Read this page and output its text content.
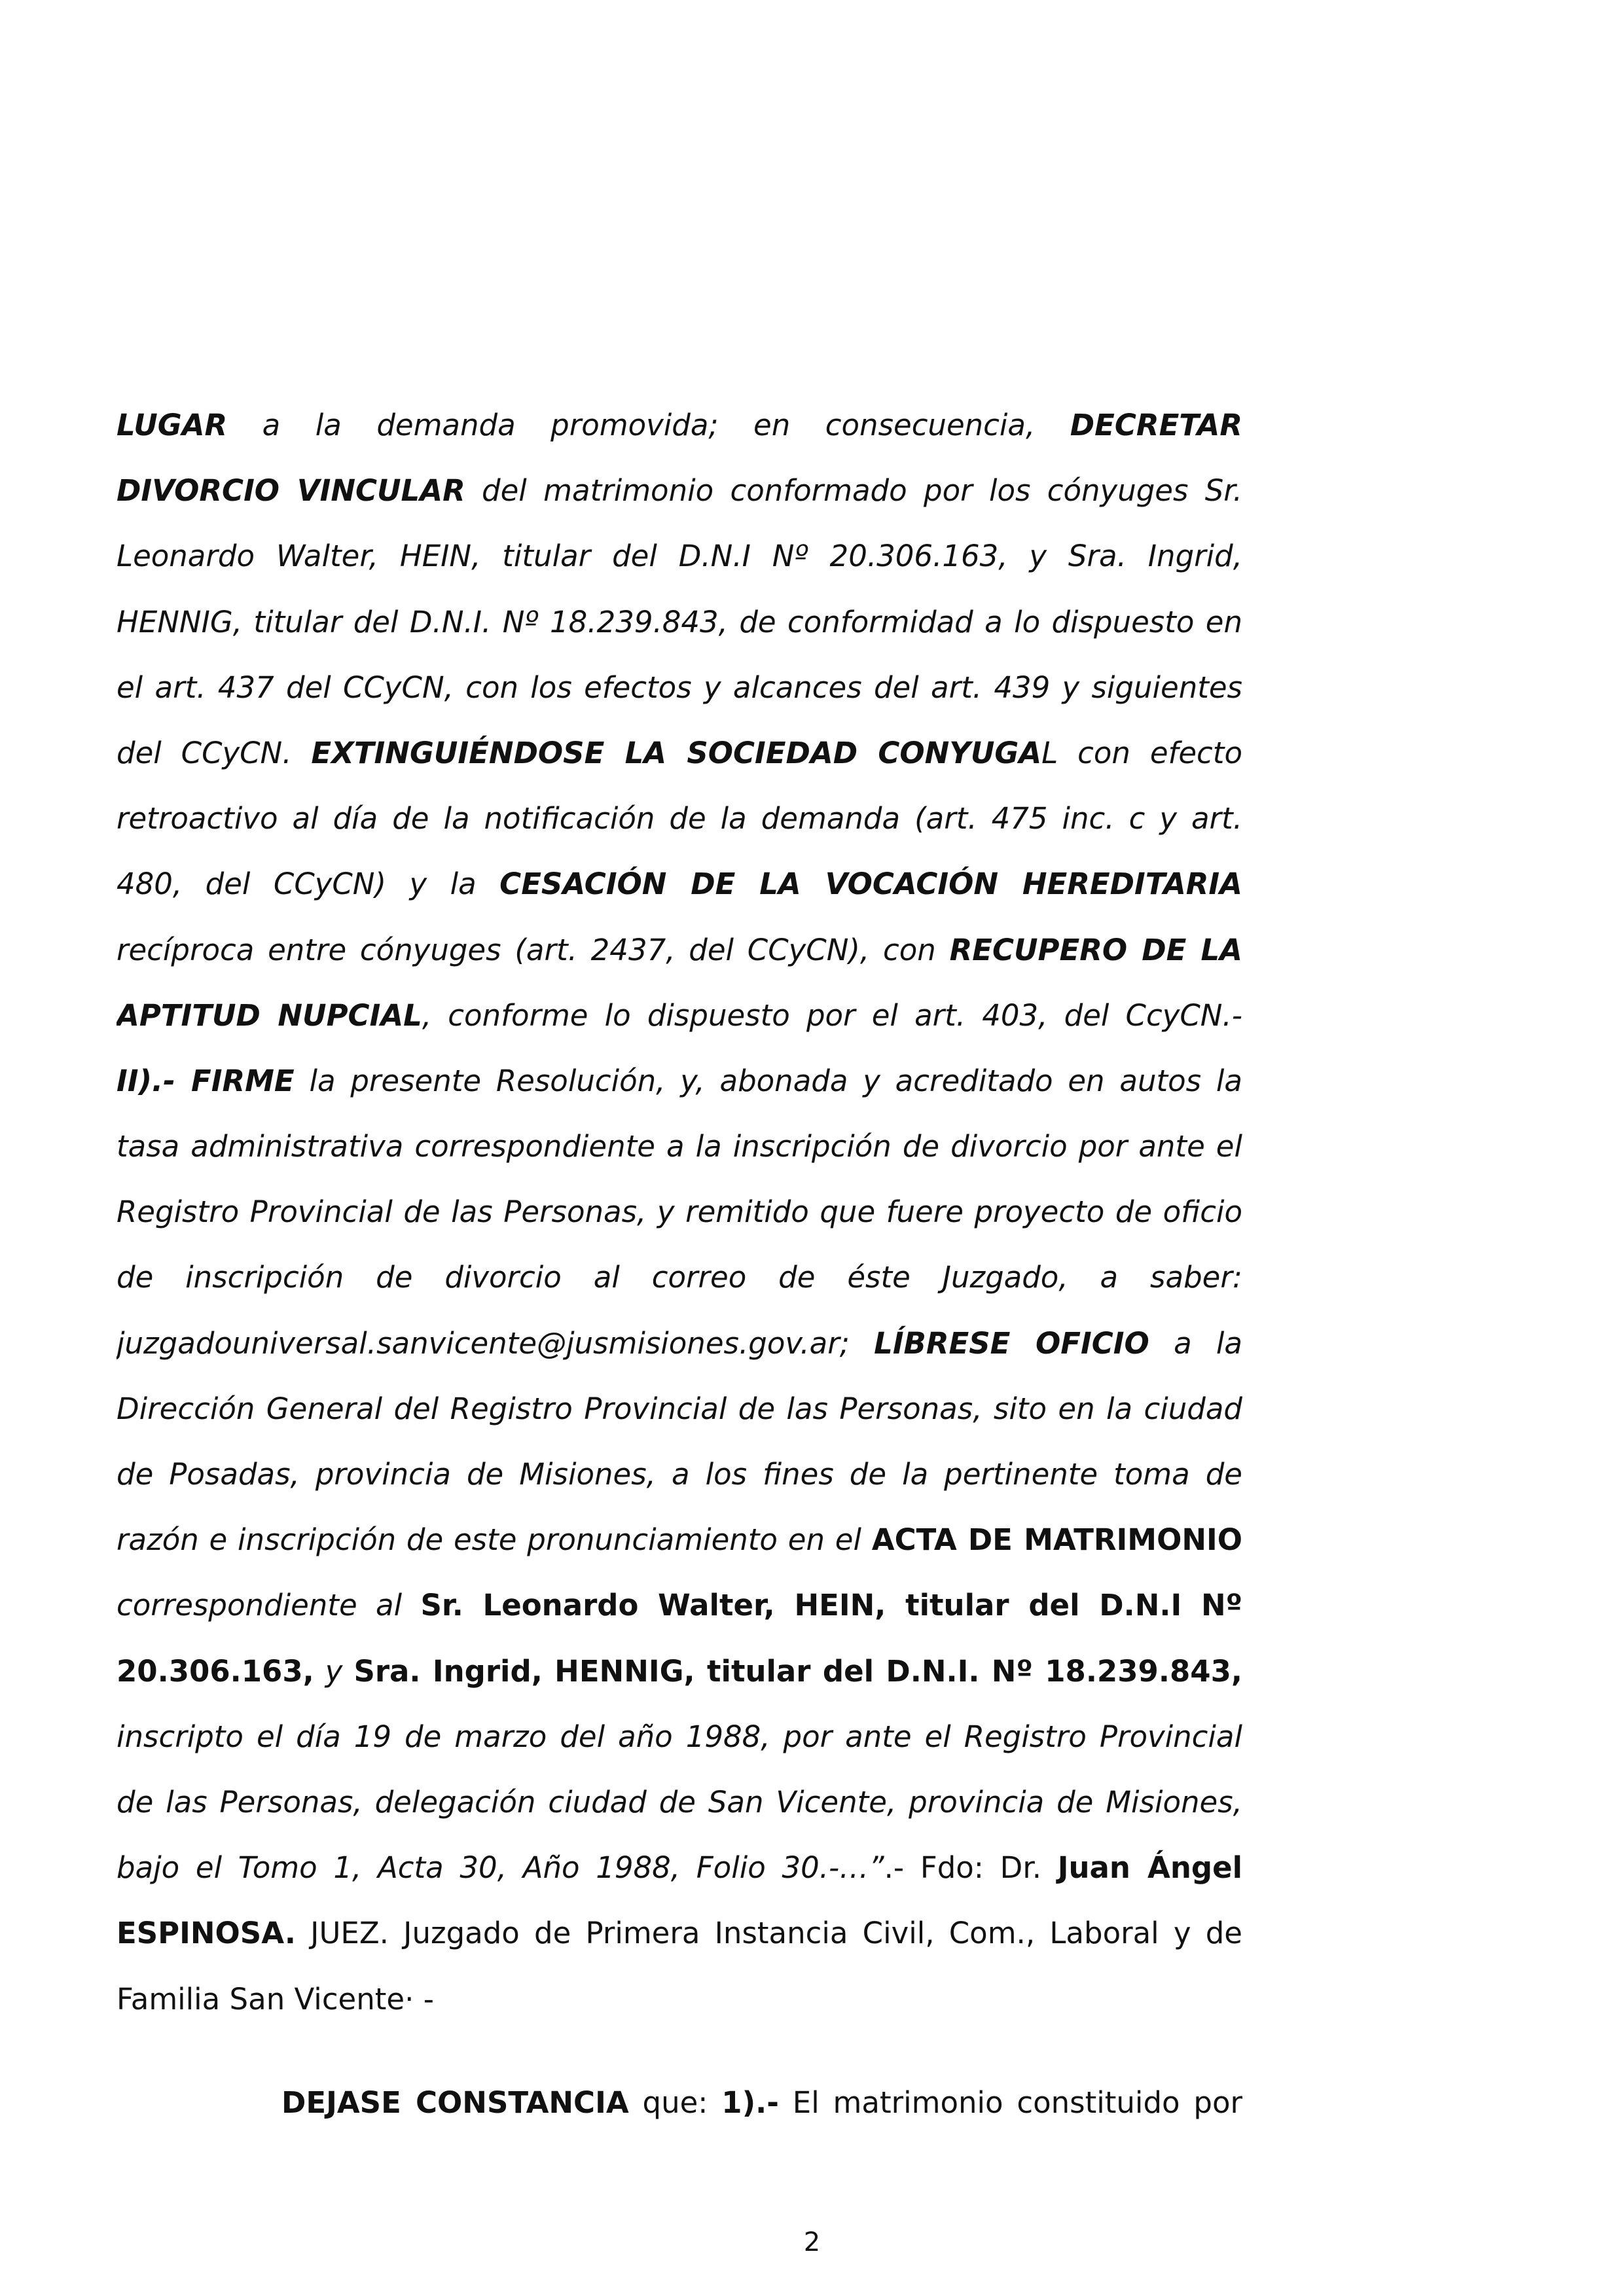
LUGAR a la demanda promovida; en consecuencia, DECRETAR
DIVORCIO VINCULAR del matrimonio conformado por los cónyuges Sr.
Leonardo Walter, HEIN, titular del D.N.I Nº 20.306.163, y Sra. Ingrid,
HENNIG, titular del D.N.I. Nº 18.239.843, de conformidad a lo dispuesto en
el art. 437 del CCyCN, con los efectos y alcances del art. 439 y siguientes
del CCyCN. EXTINGUIÉNDOSE LA SOCIEDAD CONYUGAL con efecto
retroactivo al día de la notificación de la demanda (art. 475 inc. c y art.
480, del CCyCN) y la CESACIÓN DE LA VOCACIÓN HEREDITARIA
recíproca entre cónyuges (art. 2437, del CCyCN), con RECUPERO DE LA
APTITUD NUPCIAL, conforme lo dispuesto por el art. 403, del CcyCN.-
II).- FIRME la presente Resolución, y, abonada y acreditado en autos la
tasa administrativa correspondiente a la inscripción de divorcio por ante el
Registro Provincial de las Personas, y remitido que fuere proyecto de oficio
de inscripción de divorcio al correo de éste Juzgado, a saber:
juzgadouniversal.sanvicente@jusmisiones.gov.ar; LÍBRESE OFICIO a la
Dirección General del Registro Provincial de las Personas, sito en la ciudad
de Posadas, provincia de Misiones, a los fines de la pertinente toma de
razón e inscripción de este pronunciamiento en el ACTA DE MATRIMONIO
correspondiente al Sr. Leonardo Walter, HEIN, titular del D.N.I Nº
20.306.163, y Sra. Ingrid, HENNIG, titular del D.N.I. Nº 18.239.843,
inscripto el día 19 de marzo del año 1988, por ante el Registro Provincial
de las Personas, delegación ciudad de San Vicente, provincia de Misiones,
bajo el Tomo 1, Acta 30, Año 1988, Folio 30.-…”.- Fdo: Dr. Juan Ángel
ESPINOSA. JUEZ. Juzgado de Primera Instancia Civil, Com., Laboral y de
Familia San Vicente· -
DEJASE CONSTANCIA que: 1).- El matrimonio constituido por
2
